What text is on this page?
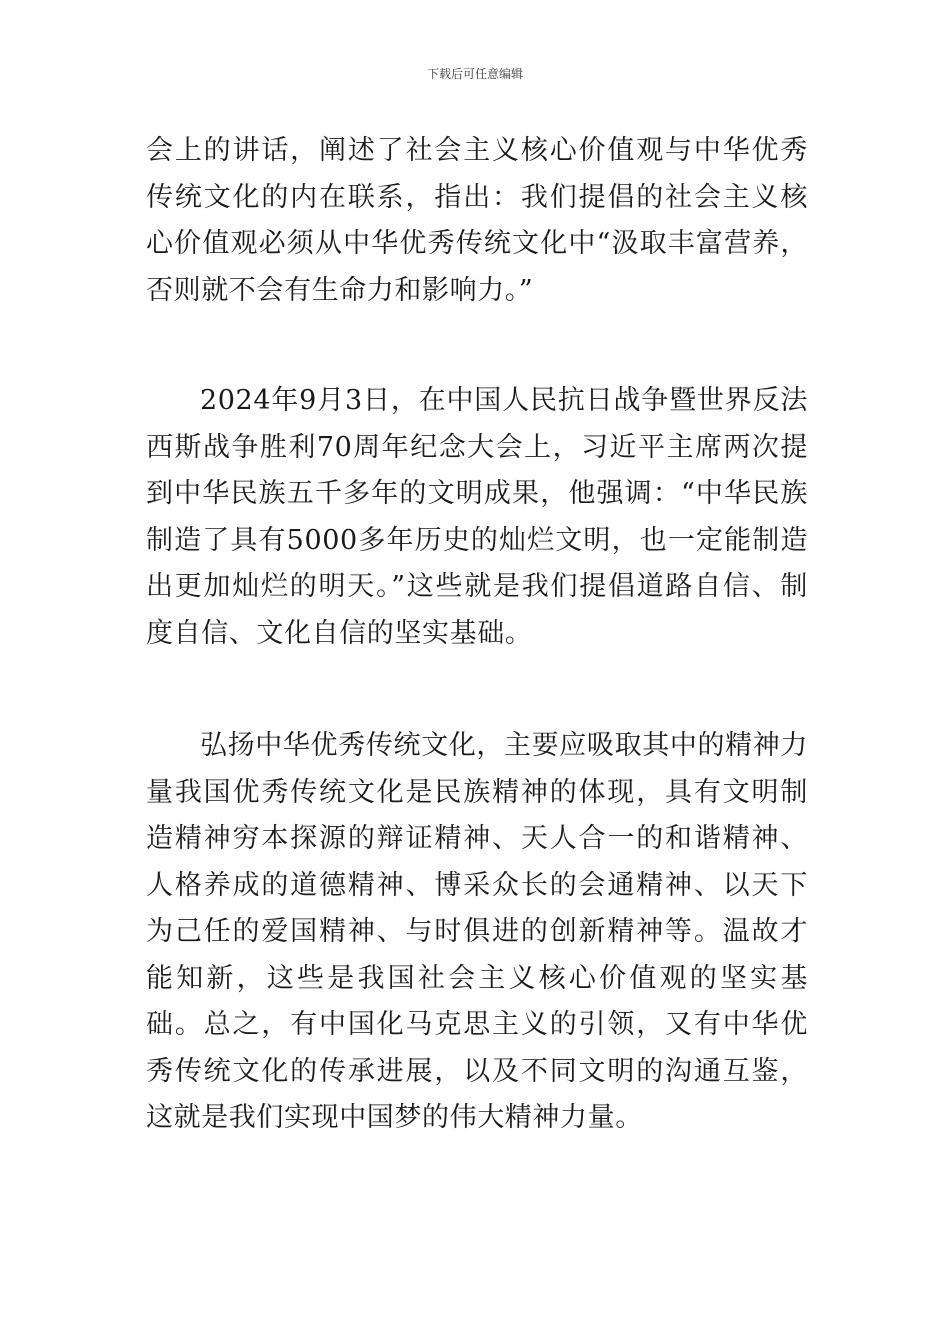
下载后可任意编辑

会上的讲话，阐述了社会主义核心价值观与中华优秀传统文化的内在联系，指出：我们提倡的社会主义核心价值观必须从中华优秀传统文化中“汲取丰富营养，否则就不会有生命力和影响力。”

2024年9月3日，在中国人民抗日战争暨世界反法西斯战争胜利70周年纪念大会上，习近平主席两次提到中华民族五千多年的文明成果，他强调：“中华民族制造了具有5000多年历史的灿烂文明，也一定能制造出更加灿烂的明天。”这些就是我们提倡道路自信、制度自信、文化自信的坚实基础。

弘扬中华优秀传统文化，主要应吸取其中的精神力量我国优秀传统文化是民族精神的体现，具有文明制造精神穷本探源的辩证精神、天人合一的和谐精神、人格养成的道德精神、博采众长的会通精神、以天下为己任的爱国精神、与时俱进的创新精神等。温故才能知新，这些是我国社会主义核心价值观的坚实基础。总之，有中国化马克思主义的引领，又有中华优秀传统文化的传承进展，以及不同文明的沟通互鉴，这就是我们实现中国梦的伟大精神力量。
